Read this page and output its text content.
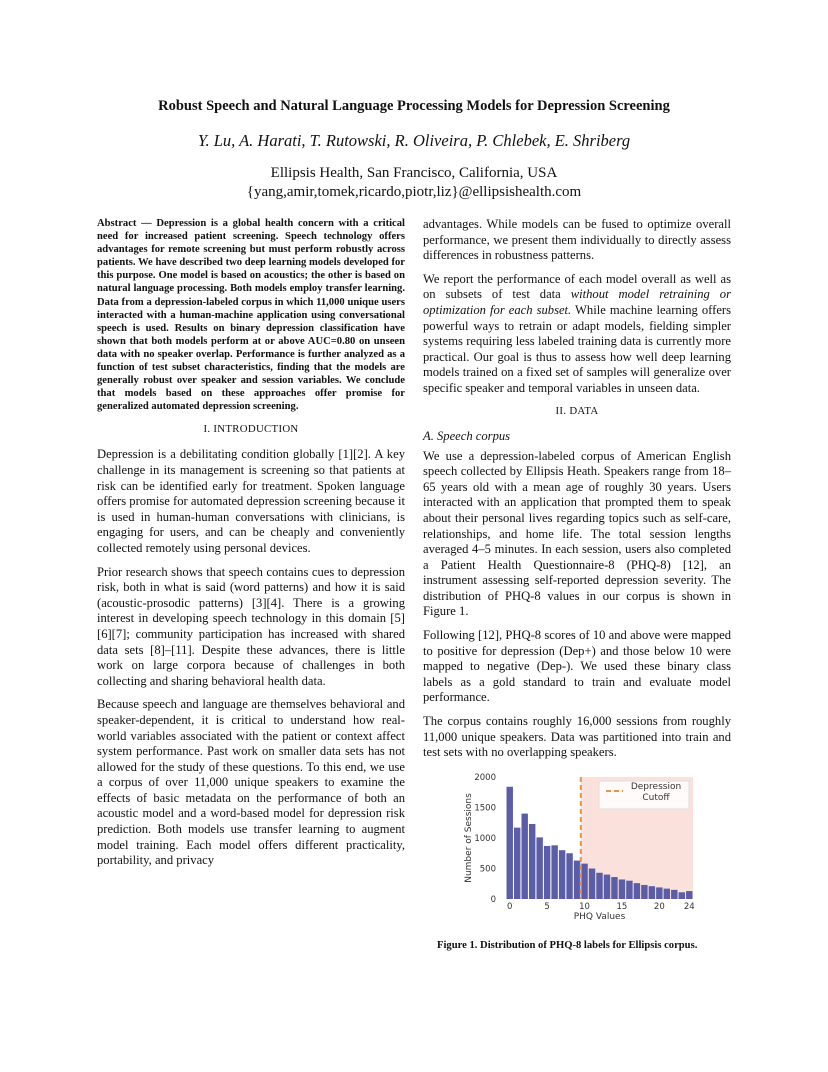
Robust Speech and Natural Language Processing Models for Depression Screening
Y. Lu, A. Harati, T. Rutowski, R. Oliveira, P. Chlebek, E. Shriberg
Ellipsis Health, San Francisco, California, USA
{yang,amir,tomek,ricardo,piotr,liz}@ellipsishealth.com

Abstract — Depression is a global health concern with a critical need for increased patient screening. Speech technology offers advantages for remote screening but must perform robustly across patients. We have described two deep learning models developed for this purpose. One model is based on acoustics; the other is based on natural language processing. Both models employ transfer learning. Data from a depression-labeled corpus in which 11,000 unique users interacted with a human-machine application using conversational speech is used. Results on binary depression classification have shown that both models perform at or above AUC=0.80 on unseen data with no speaker overlap. Performance is further analyzed as a function of test subset characteristics, finding that the models are generally robust over speaker and session variables. We conclude that models based on these approaches offer promise for generalized automated depression screening.

I. INTRODUCTION

Depression is a debilitating condition globally [1][2]. A key challenge in its management is screening so that patients at risk can be identified early for treatment. Spoken language offers promise for automated depression screening because it is used in human-human conversations with clinicians, is engaging for users, and can be cheaply and conveniently collected remotely using personal devices.

Prior research shows that speech contains cues to depression risk, both in what is said (word patterns) and how it is said (acoustic-prosodic patterns) [3][4]. There is a growing interest in developing speech technology in this domain [5][6][7]; community participation has increased with shared data sets [8]–[11]. Despite these advances, there is little work on large corpora because of challenges in both collecting and sharing behavioral health data.

Because speech and language are themselves behavioral and speaker-dependent, it is critical to understand how real-world variables associated with the patient or context affect system performance. Past work on smaller data sets has not allowed for the study of these questions. To this end, we use a corpus of over 11,000 unique speakers to examine the effects of basic metadata on the performance of both an acoustic model and a word-based model for depression risk prediction. Both models use transfer learning to augment model training. Each model offers different practicality, portability, and privacy

advantages. While models can be fused to optimize overall performance, we present them individually to directly assess differences in robustness patterns.

We report the performance of each model overall as well as on subsets of test data without model retraining or optimization for each subset. While machine learning offers powerful ways to retrain or adapt models, fielding simpler systems requiring less labeled training data is currently more practical. Our goal is thus to assess how well deep learning models trained on a fixed set of samples will generalize over specific speaker and temporal variables in unseen data.

II. DATA
A. Speech corpus

We use a depression-labeled corpus of American English speech collected by Ellipsis Heath. Speakers range from 18–65 years old with a mean age of roughly 30 years. Users interacted with an application that prompted them to speak about their personal lives regarding topics such as self-care, relationships, and home life. The total session lengths averaged 4–5 minutes. In each session, users also completed a Patient Health Questionnaire-8 (PHQ-8) [12], an instrument assessing self-reported depression severity. The distribution of PHQ-8 values in our corpus is shown in Figure 1.

Following [12], PHQ-8 scores of 10 and above were mapped to positive for depression (Dep+) and those below 10 were mapped to negative (Dep-). We used these binary class labels as a gold standard to train and evaluate model performance.

The corpus contains roughly 16,000 sessions from roughly 11,000 unique speakers. Data was partitioned into train and test sets with no overlapping speakers.

0
500
1000
1500
2000
0	5	10	15	20 24
PHQ Values
Number of Sessions
Depression
Cutoff
Figure 1. Distribution of PHQ-8 labels for Ellipsis corpus.
